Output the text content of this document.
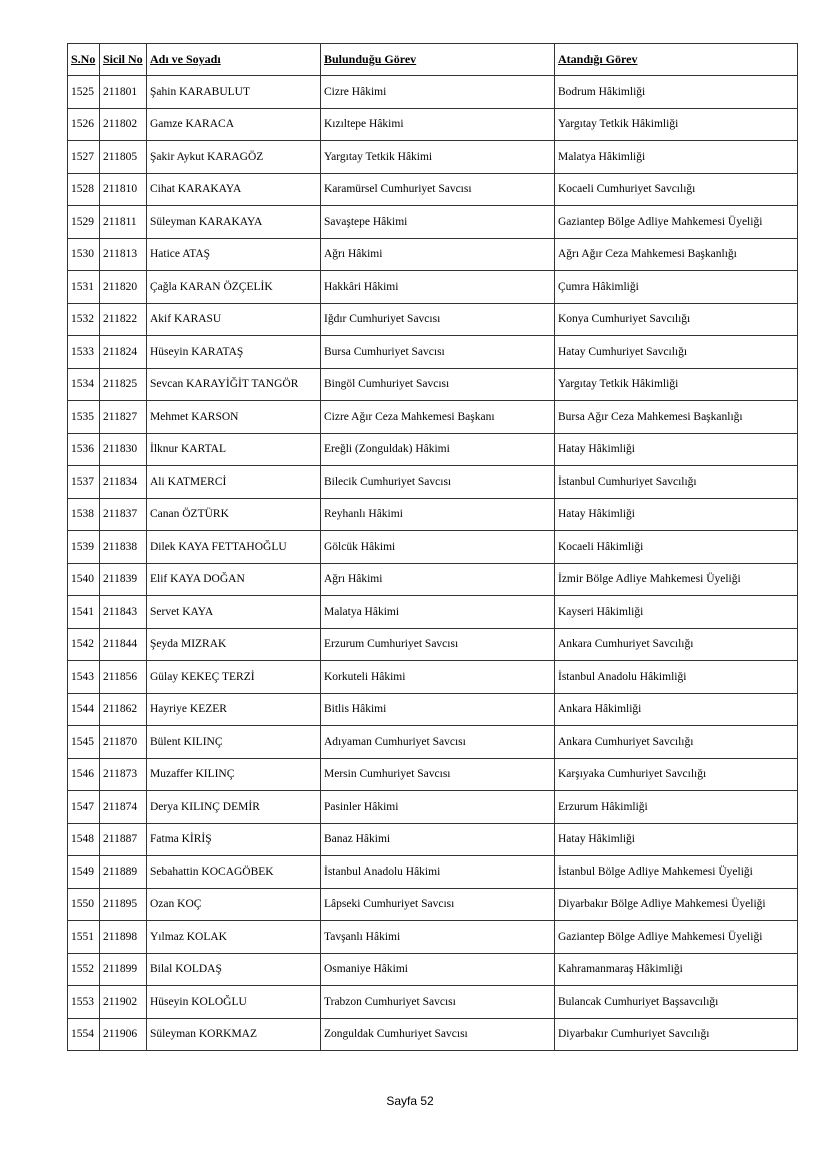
S.No	Sicil No	Adı ve Soyadı	Bulunduğu Görev	Atandığı Görev
1525	211801	Şahin KARABULUT	Cizre Hâkimi	Bodrum Hâkimliği
1526	211802	Gamze KARACA	Kızıltepe Hâkimi	Yargıtay Tetkik Hâkimliği
1527	211805	Şakir Aykut KARAGÖZ	Yargıtay Tetkik Hâkimi	Malatya Hâkimliği
1528	211810	Cihat KARAKAYA	Karamürsel Cumhuriyet Savcısı	Kocaeli Cumhuriyet Savcılığı
1529	211811	Süleyman KARAKAYA	Savaştepe Hâkimi	Gaziantep Bölge Adliye Mahkemesi Üyeliği
1530	211813	Hatice ATAŞ	Ağrı Hâkimi	Ağrı Ağır Ceza Mahkemesi Başkanlığı
1531	211820	Çağla KARAN ÖZÇELİK	Hakkâri Hâkimi	Çumra Hâkimliği
1532	211822	Akif KARASU	Iğdır Cumhuriyet Savcısı	Konya Cumhuriyet Savcılığı
1533	211824	Hüseyin KARATAŞ	Bursa Cumhuriyet Savcısı	Hatay Cumhuriyet Savcılığı
1534	211825	Sevcan KARAYİĞİT TANGÖR	Bingöl Cumhuriyet Savcısı	Yargıtay Tetkik Hâkimliği
1535	211827	Mehmet KARSON	Cizre Ağır Ceza Mahkemesi Başkanı	Bursa Ağır Ceza Mahkemesi Başkanlığı
1536	211830	İlknur KARTAL	Ereğli (Zonguldak) Hâkimi	Hatay Hâkimliği
1537	211834	Ali KATMERCİ	Bilecik Cumhuriyet Savcısı	İstanbul Cumhuriyet Savcılığı
1538	211837	Canan ÖZTÜRK	Reyhanlı Hâkimi	Hatay Hâkimliği
1539	211838	Dilek KAYA FETTAHOĞLU	Gölcük Hâkimi	Kocaeli Hâkimliği
1540	211839	Elif KAYA DOĞAN	Ağrı Hâkimi	İzmir Bölge Adliye Mahkemesi Üyeliği
1541	211843	Servet KAYA	Malatya Hâkimi	Kayseri Hâkimliği
1542	211844	Şeyda MIZRAK	Erzurum Cumhuriyet Savcısı	Ankara Cumhuriyet Savcılığı
1543	211856	Gülay KEKEÇ TERZİ	Korkuteli Hâkimi	İstanbul Anadolu Hâkimliği
1544	211862	Hayriye KEZER	Bitlis Hâkimi	Ankara Hâkimliği
1545	211870	Bülent KILINÇ	Adıyaman Cumhuriyet Savcısı	Ankara Cumhuriyet Savcılığı
1546	211873	Muzaffer KILINÇ	Mersin Cumhuriyet Savcısı	Karşıyaka Cumhuriyet Savcılığı
1547	211874	Derya KILINÇ DEMİR	Pasinler Hâkimi	Erzurum Hâkimliği
1548	211887	Fatma KİRİŞ	Banaz Hâkimi	Hatay Hâkimliği
1549	211889	Sebahattin KOCAGÖBEK	İstanbul Anadolu Hâkimi	İstanbul Bölge Adliye Mahkemesi Üyeliği
1550	211895	Ozan KOÇ	Lâpseki Cumhuriyet Savcısı	Diyarbakır Bölge Adliye Mahkemesi Üyeliği
1551	211898	Yılmaz KOLAK	Tavşanlı Hâkimi	Gaziantep Bölge Adliye Mahkemesi Üyeliği
1552	211899	Bilal KOLDAŞ	Osmaniye Hâkimi	Kahramanmaraş Hâkimliği
1553	211902	Hüseyin KOLOĞLU	Trabzon Cumhuriyet Savcısı	Bulancak Cumhuriyet Başsavcılığı
1554	211906	Süleyman KORKMAZ	Zonguldak Cumhuriyet Savcısı	Diyarbakır Cumhuriyet Savcılığı
Sayfa 52
